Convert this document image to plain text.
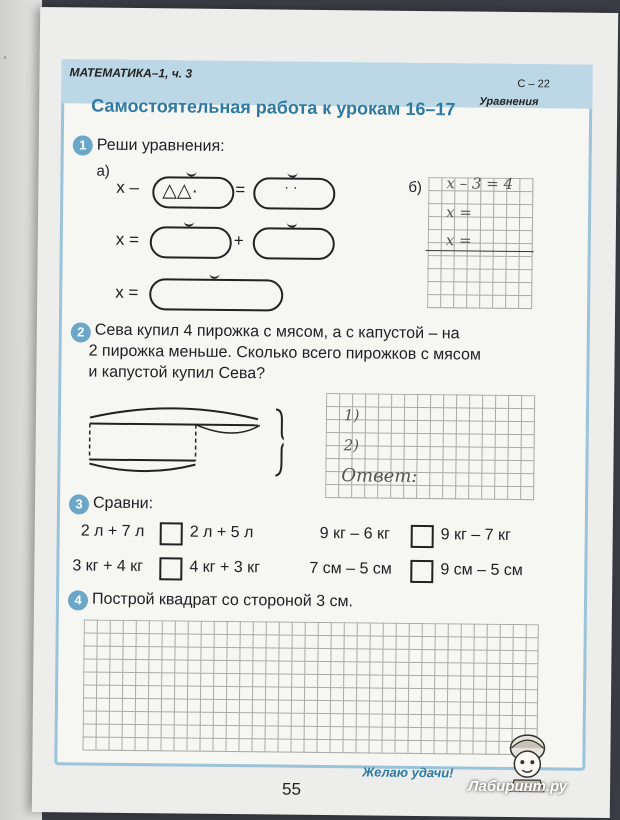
'
МАТЕМАТИКА–1, ч. 3
С – 22
Уравнения
Самостоятельная работа к урокам 16–17
1 Реши уравнения:
а)
x – △△· =	· ·
x =	+
x =
б) x – 3 = 4
x =
x =
2 Сева купил 4 пирожка с мясом, а с капустой – на
2 пирожка меньше. Сколько всего пирожков с мясом
и капустой купил Сева?
1)
2)
Ответ:
3 Сравни:
2 л + 7 л	2 л + 5 л	9 кг – 6 кг	9 кг – 7 кг
3 кг + 4 кг	4 кг + 3 кг	7 см – 5 см	9 см – 5 см
4 Построй квадрат со стороной 3 см.
Желаю удачи!
55	Лабиринт.ру
